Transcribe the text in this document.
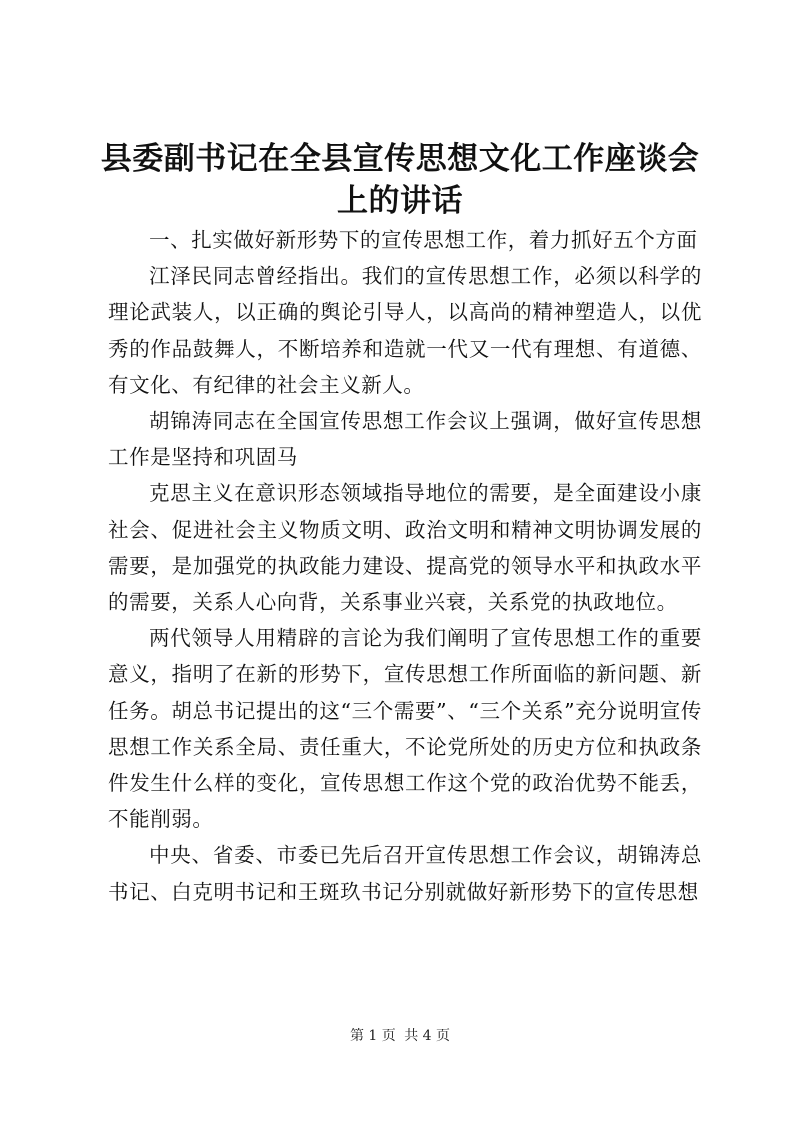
县委副书记在全县宣传思想文化工作座谈会上的讲话

一、扎实做好新形势下的宣传思想工作，着力抓好五个方面

江泽民同志曾经指出。我们的宣传思想工作，必须以科学的理论武装人，以正确的舆论引导人，以高尚的精神塑造人，以优秀的作品鼓舞人，不断培养和造就一代又一代有理想、有道德、有文化、有纪律的社会主义新人。

胡锦涛同志在全国宣传思想工作会议上强调，做好宣传思想工作是坚持和巩固马

克思主义在意识形态领域指导地位的需要，是全面建设小康社会、促进社会主义物质文明、政治文明和精神文明协调发展的需要，是加强党的执政能力建设、提高党的领导水平和执政水平的需要，关系人心向背，关系事业兴衰，关系党的执政地位。

两代领导人用精辟的言论为我们阐明了宣传思想工作的重要意义，指明了在新的形势下，宣传思想工作所面临的新问题、新任务。胡总书记提出的这“三个需要”、“三个关系”充分说明宣传思想工作关系全局、责任重大，不论党所处的历史方位和执政条件发生什么样的变化，宣传思想工作这个党的政治优势不能丢，不能削弱。

中央、省委、市委已先后召开宣传思想工作会议，胡锦涛总书记、白克明书记和王斑玖书记分别就做好新形势下的宣传思想

第 1 页 共 4 页
